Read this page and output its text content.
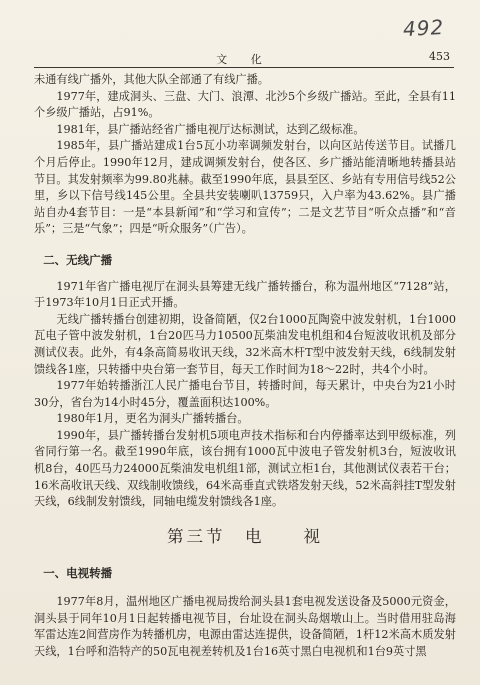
492
文 化	453

未通有线广播外，其他大队全部通了有线广播。

1977年，建成洞头、三盘、大门、浪潭、北沙5个乡级广播站。至此，全县有11个乡级广播站，占91%。

1981年，县广播站经省广播电视厅达标测试，达到乙级标准。

1985年，县广播站建成1台5瓦小功率调频发射台，以向区站传送节目。试播几个月后停止。1990年12月，建成调频发射台，使各区、乡广播站能清晰地转播县站节目。其发射频率为99.80兆赫。截至1990年底，县县至区、乡站有专用信号线52公里，乡以下信号线145公里。全县共安装喇叭13759只，入户率为43.62%。县广播站自办4套节目：一是“本县新闻”和“学习和宣传”；二是文艺节目“听众点播”和“音乐”；三是“气象”；四是“听众服务”（广告）。

二、无线广播

1971年省广播电视厅在洞头县筹建无线广播转播台，称为温州地区“7128”站，于1973年10月1日正式开播。

无线广播转播台创建初期，设备简陋，仅2台1000瓦陶瓷中波发射机，1台1000瓦电子管中波发射机，1台20匹马力10500瓦柴油发电机组和4台短波收讯机及部分测试仪表。此外，有4条高简易收讯天线，32米高木杆T型中波发射天线，6线制发射馈线各1座，只转播中央台第一套节目，每天工作时间为18～22时，共4个小时。

1977年始转播浙江人民广播电台节目，转播时间，每天累计，中央台为21小时30分，省台为14小时45分，覆盖面积达100%。

1980年1月，更名为洞头广播转播台。

1990年，县广播转播台发射机5项电声技术指标和台内停播率达到甲级标准，列省同行第一名。截至1990年底，该台拥有1000瓦中波电子管发射机3台，短波收讯机8台，40匹马力24000瓦柴油发电机组1部，测试立柜1台，其他测试仪表若干台；16米高收讯天线、双线制收馈线，64米高垂直式铁塔发射天线，52米高斜挂T型发射天线，6线制发射馈线，同轴电缆发射馈线各1座。

第三节　电　　视

一、电视转播

1977年8月，温州地区广播电视局拨给洞头县1套电视发送设备及5000元资金，洞头县于同年10月1日起转播电视节目，台址设在洞头岛烟墩山上。当时借用驻岛海军雷达连2间营房作为转播机房，电源由雷达连提供，设备简陋，1杆12米高木质发射天线，1台呼和浩特产的50瓦电视差转机及1台16英寸黑白电视机和1台9英寸黑
